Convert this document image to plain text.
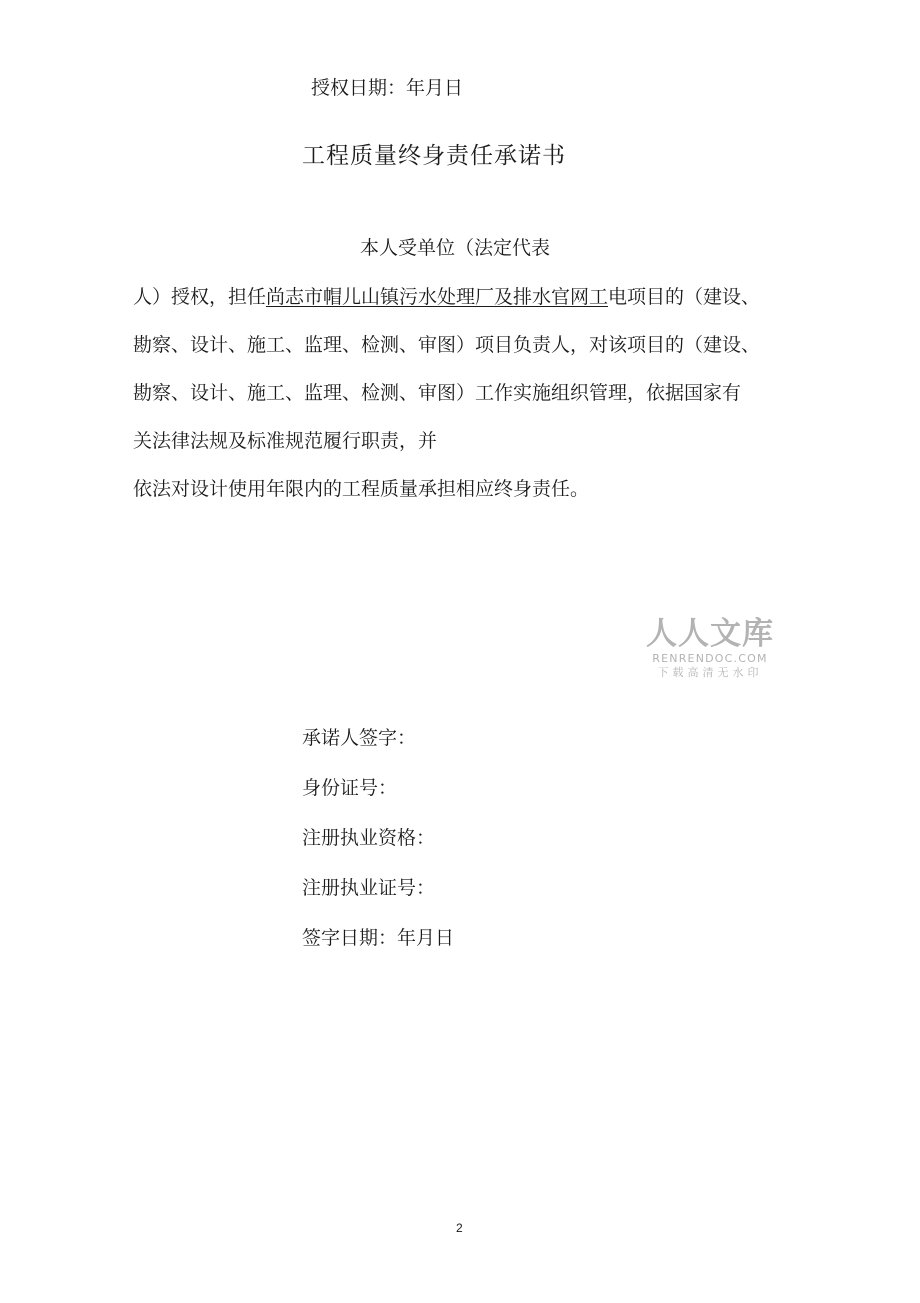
授权日期：年月日
工程质量终身责任承诺书
本人受单位（法定代表
人）授权，担任尚志市帽儿山镇污水处理厂及排水官网工电项目的（建设、
勘察、设计、施工、监理、检测、审图）项目负责人，对该项目的（建设、
勘察、设计、施工、监理、检测、审图）工作实施组织管理，依据国家有
关法律法规及标准规范履行职责，并
依法对设计使用年限内的工程质量承担相应终身责任。
人人文库
RENRENDOC.COM
下载高清无水印
承诺人签字：
身份证号：
注册执业资格：
注册执业证号：
签字日期：年月日
2
